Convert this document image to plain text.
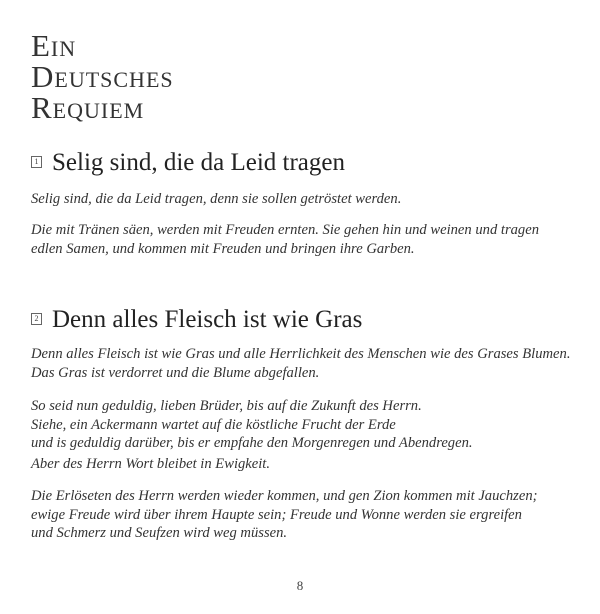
Ein
Deutsches
Requiem
1 Selig sind, die da Leid tragen
Selig sind, die da Leid tragen, denn sie sollen getröstet werden.
Die mit Tränen säen, werden mit Freuden ernten. Sie gehen hin und weinen und tragen
edlen Samen, und kommen mit Freuden und bringen ihre Garben.
2 Denn alles Fleisch ist wie Gras
Denn alles Fleisch ist wie Gras und alle Herrlichkeit des Menschen wie des Grases Blumen.
Das Gras ist verdorret und die Blume abgefallen.
So seid nun geduldig, lieben Brüder, bis auf die Zukunft des Herrn.
Siehe, ein Ackermann wartet auf die köstliche Frucht der Erde
und is geduldig darüber, bis er empfahe den Morgenregen und Abendregen.
Aber des Herrn Wort bleibet in Ewigkeit.
Die Erlöseten des Herrn werden wieder kommen, und gen Zion kommen mit Jauchzen;
ewige Freude wird über ihrem Haupte sein; Freude und Wonne werden sie ergreifen
und Schmerz und Seufzen wird weg müssen.
8
